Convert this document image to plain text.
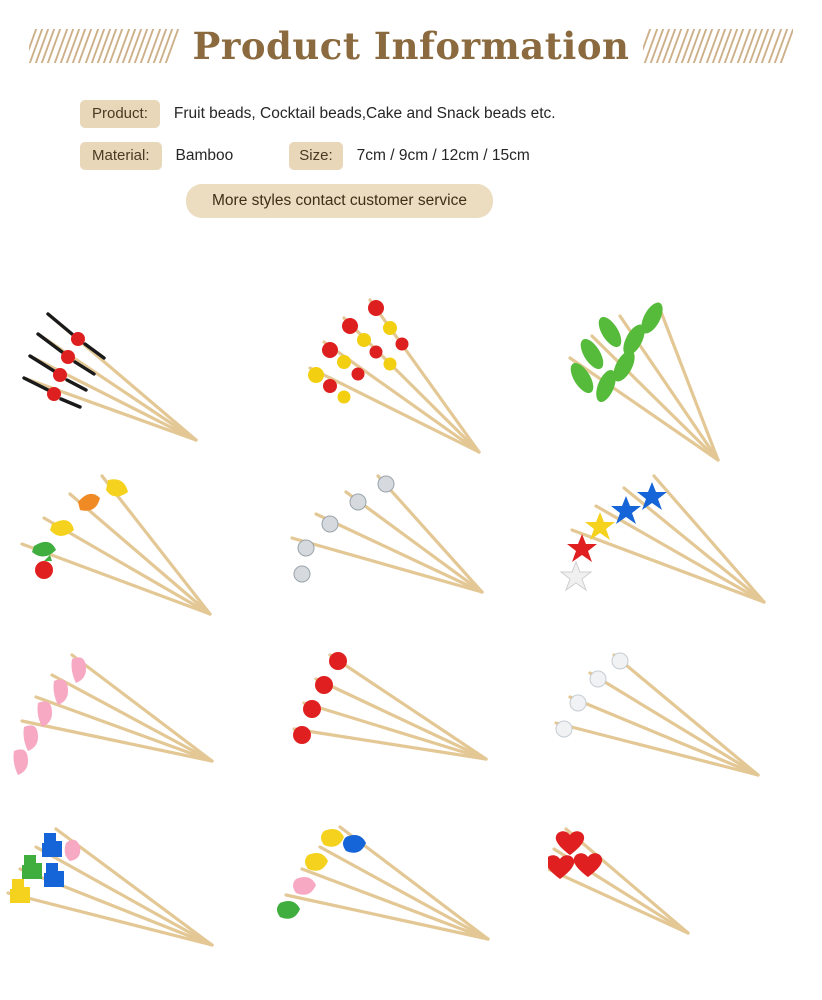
Product Information
Product:	Fruit beads, Cocktail beads,Cake and Snack beads etc.
Material:	Bamboo	Size:	7cm / 9cm / 12cm / 15cm
More styles contact customer service
